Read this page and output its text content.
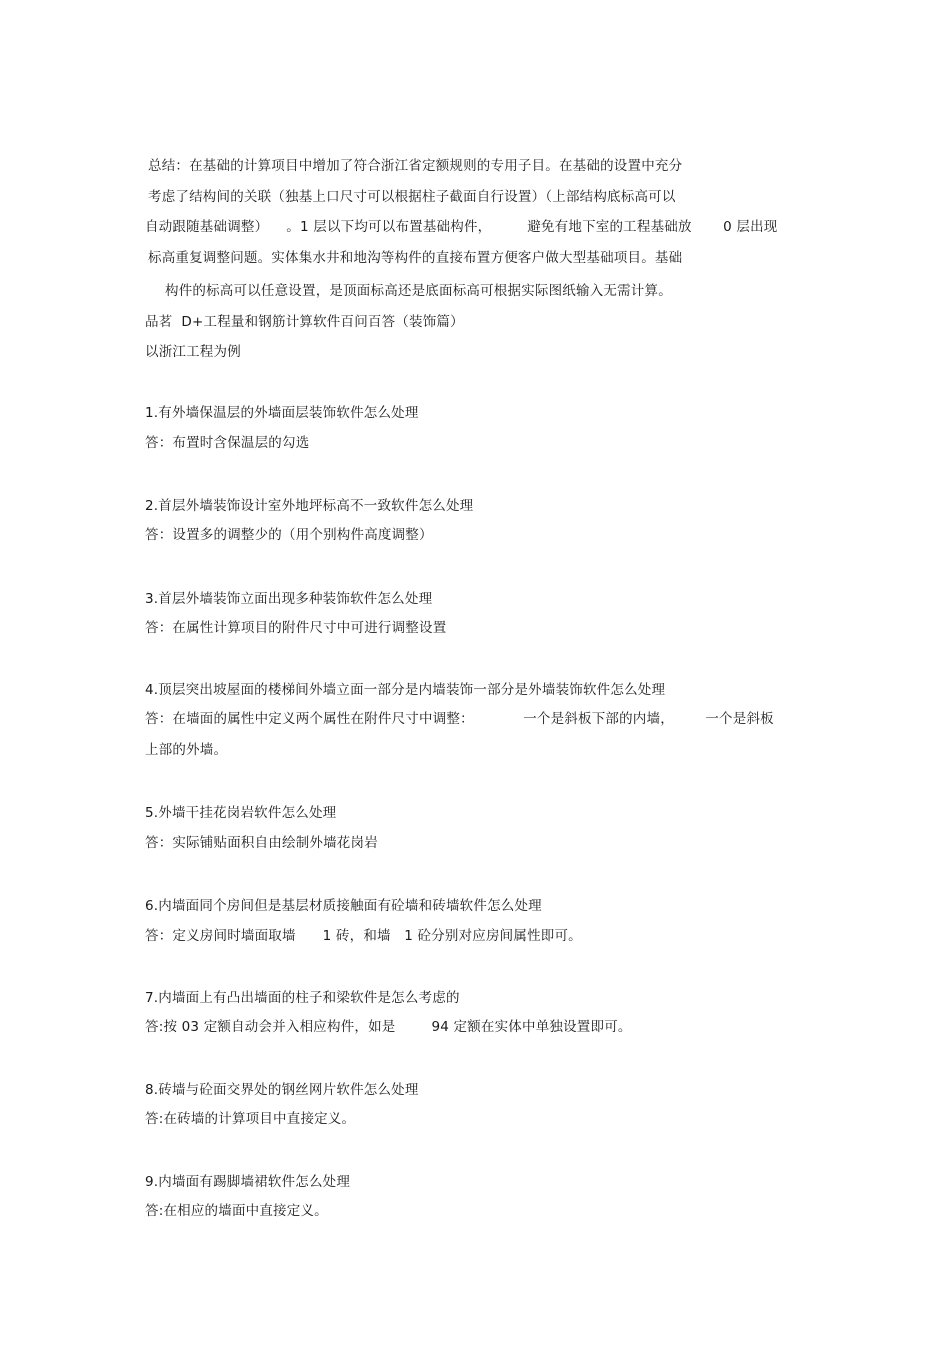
总结：在基础的计算项目中增加了符合浙江省定额规则的专用子目。在基础的设置中充分
考虑了结构间的关联（独基上口尺寸可以根据柱子截面自行设置）（上部结构底标高可以
自动跟随基础调整）    。1 层以下均可以布置基础构件，        避免有地下室的工程基础放       0 层出现
标高重复调整问题。实体集水井和地沟等构件的直接布置方便客户做大型基础项目。基础
构件的标高可以任意设置，是顶面标高还是底面标高可根据实际图纸输入无需计算。
品茗  D+工程量和钢筋计算软件百问百答（装饰篇）
以浙江工程为例
1.有外墙保温层的外墙面层装饰软件怎么处理
答：布置时含保温层的勾选
2.首层外墙装饰设计室外地坪标高不一致软件怎么处理
答：设置多的调整少的（用个别构件高度调整）
3.首层外墙装饰立面出现多种装饰软件怎么处理
答：在属性计算项目的附件尺寸中可进行调整设置
4.顶层突出坡屋面的楼梯间外墙立面一部分是内墙装饰一部分是外墙装饰软件怎么处理
答：在墙面的属性中定义两个属性在附件尺寸中调整：           一个是斜板下部的内墙，       一个是斜板
上部的外墙。
5.外墙干挂花岗岩软件怎么处理
答：实际铺贴面积自由绘制外墙花岗岩
6.内墙面同个房间但是基层材质接触面有砼墙和砖墙软件怎么处理
答：定义房间时墙面取墙      1 砖，和墙   1 砼分别对应房间属性即可。
7.内墙面上有凸出墙面的柱子和梁软件是怎么考虑的
答:按 03 定额自动会并入相应构件，如是        94 定额在实体中单独设置即可。
8.砖墙与砼面交界处的钢丝网片软件怎么处理
答:在砖墙的计算项目中直接定义。
9.内墙面有踢脚墙裙软件怎么处理
答:在相应的墙面中直接定义。
